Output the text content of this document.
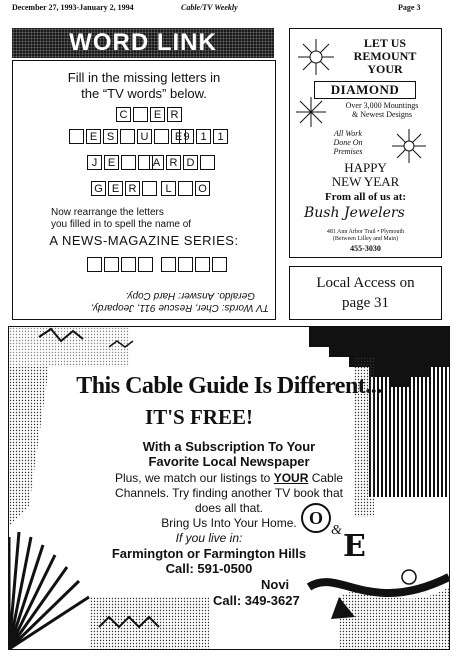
December 27, 1993-January 2, 1994	Cable/TV Weekly	Page 3
WORD LINK
Fill in the missing letters in
the “TV words” below.
C	E R
E S	U	E 9 1 1
J E	A R D
G E R	L	O
Now rearrange the letters
you filled in to spell the name of
A NEWS-MAGAZINE SERIES:
TV Words: Cher, Rescue 911, Jeopardy,
Geraldo. Answer: Hard Copy.
LET US
REMOUNT
YOUR
DIAMOND
Over 3,000 Mountings
& Newest Designs
All Work
Done On
Premises
HAPPY
NEW YEAR
From all of us at:
Bush Jewelers
481 Ann Arbor Trail • Plymouth
(Between Lilley and Main)
455-3030
Local Access on
page 31
This Cable Guide Is Different...
IT'S FREE!
With a Subscription To Your
Favorite Local Newspaper
Plus, we match our listings to YOUR Cable
Channels. Try finding another TV book that
does all that.
Bring Us Into Your Home.
If you live in:
Farmington or Farmington Hills
Call: 591-0500
Novi
Call: 349-3627
O
& E
